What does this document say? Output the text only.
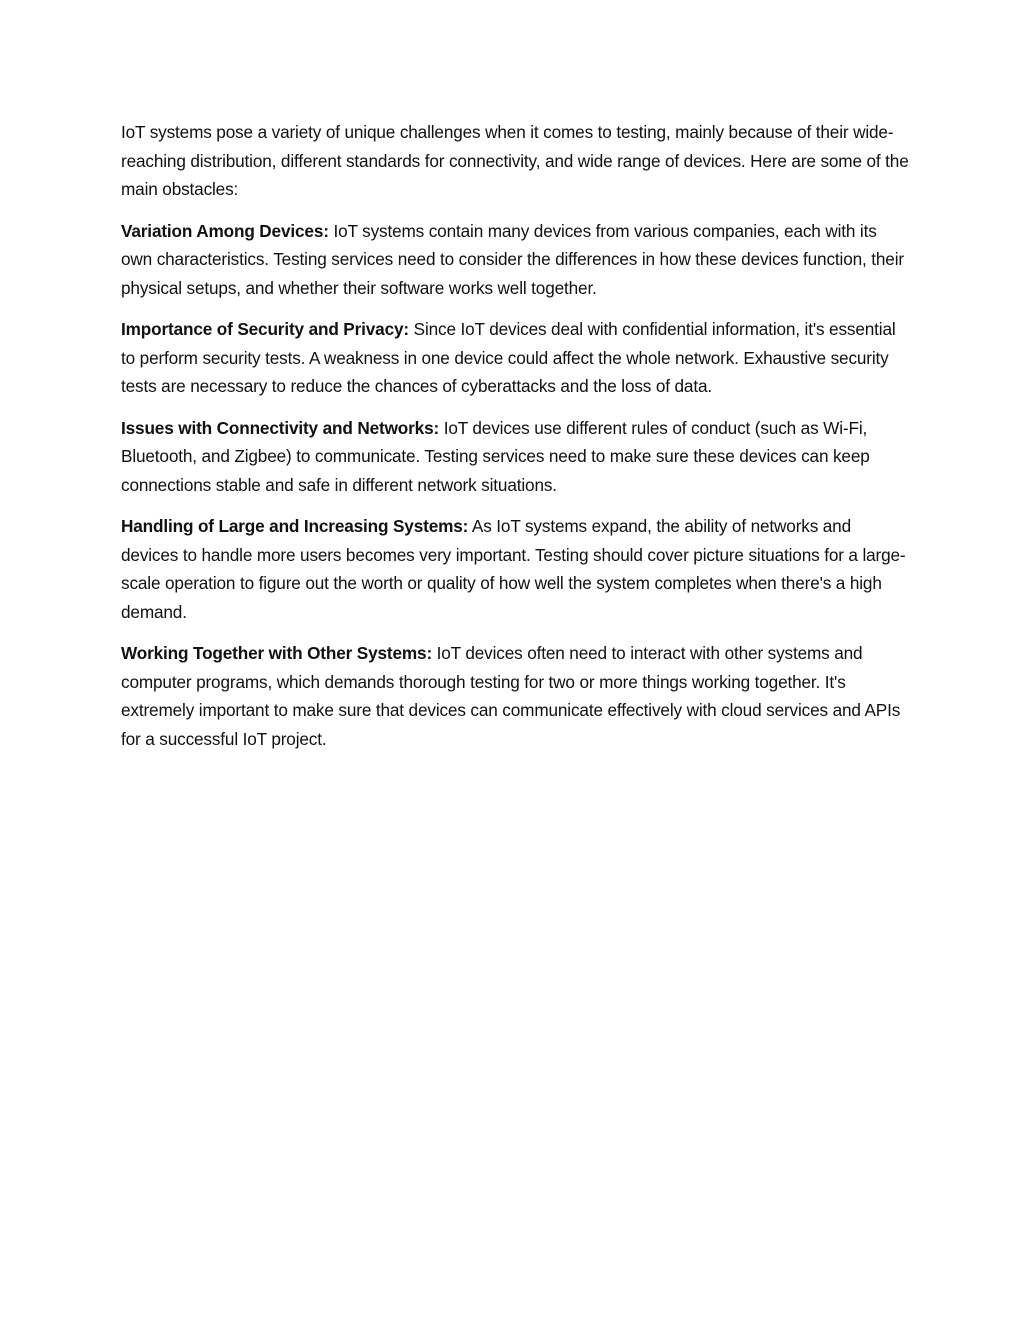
IoT systems pose a variety of unique challenges when it comes to testing, mainly because of their wide-reaching distribution, different standards for connectivity, and wide range of devices. Here are some of the main obstacles:

Variation Among Devices: IoT systems contain many devices from various companies, each with its own characteristics. Testing services need to consider the differences in how these devices function, their physical setups, and whether their software works well together.

Importance of Security and Privacy: Since IoT devices deal with confidential information, it's essential to perform security tests. A weakness in one device could affect the whole network. Exhaustive security tests are necessary to reduce the chances of cyberattacks and the loss of data.

Issues with Connectivity and Networks: IoT devices use different rules of conduct (such as Wi-Fi, Bluetooth, and Zigbee) to communicate. Testing services need to make sure these devices can keep connections stable and safe in different network situations.

Handling of Large and Increasing Systems: As IoT systems expand, the ability of networks and devices to handle more users becomes very important. Testing should cover picture situations for a large-scale operation to figure out the worth or quality of how well the system completes when there's a high demand.

Working Together with Other Systems: IoT devices often need to interact with other systems and computer programs, which demands thorough testing for two or more things working together. It's extremely important to make sure that devices can communicate effectively with cloud services and APIs for a successful IoT project.
